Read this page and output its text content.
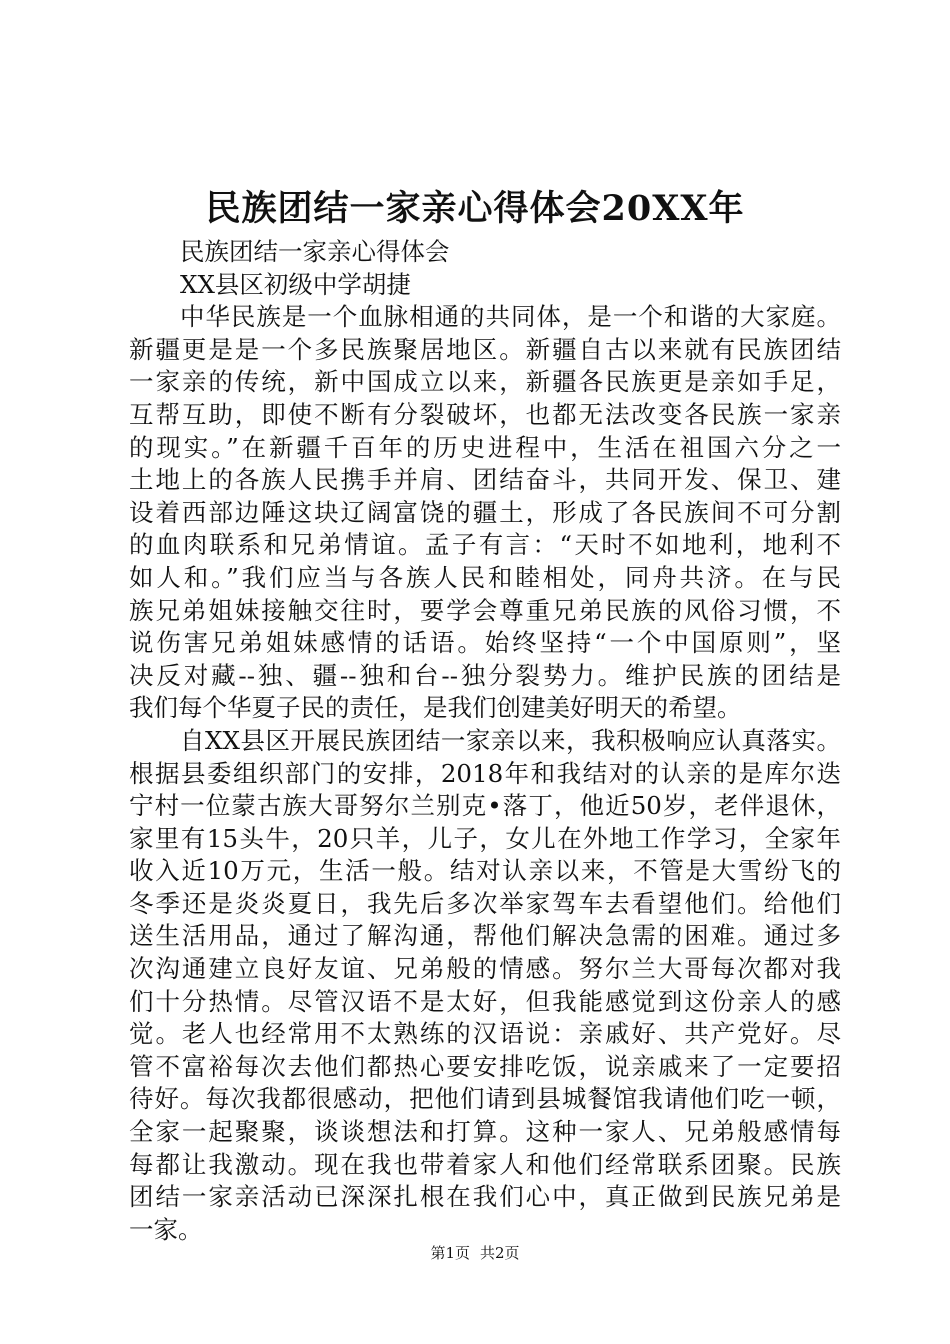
民族团结一家亲心得体会20XX年
民族团结一家亲心得体会
XX县区初级中学胡捷
中华民族是一个血脉相通的共同体，是一个和谐的大家庭。
新疆更是是一个多民族聚居地区。新疆自古以来就有民族团结
一家亲的传统，新中国成立以来，新疆各民族更是亲如手足，
互帮互助，即使不断有分裂破坏，也都无法改变各民族一家亲
的现实。”在新疆千百年的历史进程中，生活在祖国六分之一
土地上的各族人民携手并肩、团结奋斗，共同开发、保卫、建
设着西部边陲这块辽阔富饶的疆土，形成了各民族间不可分割
的血肉联系和兄弟情谊。孟子有言：“天时不如地利，地利不
如人和。”我们应当与各族人民和睦相处，同舟共济。在与民
族兄弟姐妹接触交往时，要学会尊重兄弟民族的风俗习惯，不
说伤害兄弟姐妹感情的话语。始终坚持“一个中国原则”，坚
决反对藏--独、疆--独和台--独分裂势力。维护民族的团结是
我们每个华夏子民的责任，是我们创建美好明天的希望。
自XX县区开展民族团结一家亲以来，我积极响应认真落实。
根据县委组织部门的安排，2018年和我结对的认亲的是库尔迭
宁村一位蒙古族大哥努尔兰别克•落丁，他近50岁，老伴退休，
家里有15头牛，20只羊，儿子，女儿在外地工作学习，全家年
收入近10万元，生活一般。结对认亲以来，不管是大雪纷飞的
冬季还是炎炎夏日，我先后多次举家驾车去看望他们。给他们
送生活用品，通过了解沟通，帮他们解决急需的困难。通过多
次沟通建立良好友谊、兄弟般的情感。努尔兰大哥每次都对我
们十分热情。尽管汉语不是太好，但我能感觉到这份亲人的感
觉。老人也经常用不太熟练的汉语说：亲戚好、共产党好。尽
管不富裕每次去他们都热心要安排吃饭，说亲戚来了一定要招
待好。每次我都很感动，把他们请到县城餐馆我请他们吃一顿，
全家一起聚聚，谈谈想法和打算。这种一家人、兄弟般感情每
每都让我激动。现在我也带着家人和他们经常联系团聚。民族
团结一家亲活动已深深扎根在我们心中，真正做到民族兄弟是
一家。
第1页 共2页
